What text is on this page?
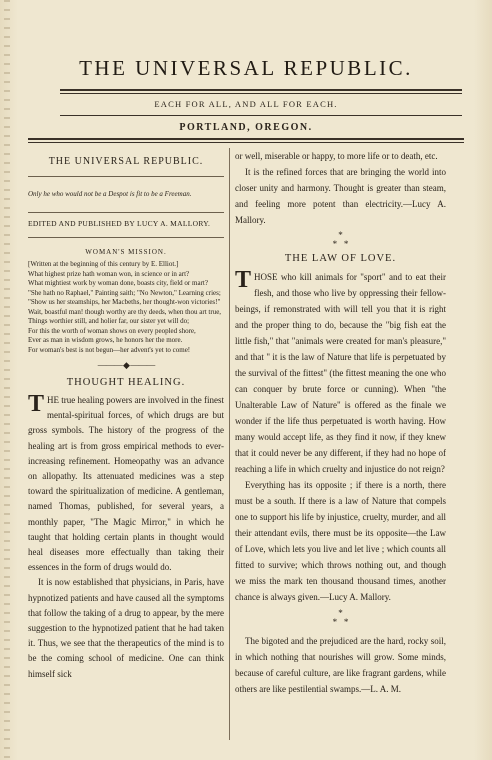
THE UNIVERSAL REPUBLIC.
EACH FOR ALL, AND ALL FOR EACH.
PORTLAND, OREGON.
THE UNIVERSAL REPUBLIC.
Only he who would not be a Despot is fit to be a Freeman.
EDITED AND PUBLISHED BY LUCY A. MALLORY.
WOMAN'S MISSION.
[Written at the beginning of this century by E. Elliot.]
What highest prize hath woman won, in science or in art?
What mightiest work by woman done, boasts city, field or mart?
"She hath no Raphael," Painting saith; "No Newton," Learning cries;
"Show us her steamships, her Macbeths, her thought-won victories!"
Wait, boastful man! though worthy are thy deeds, when thou art true,
Things worthier still, and holier far, our sister yet will do;
For this the worth of woman shows on every peopled shore,
Ever as man in wisdom grows, he honors her the more.
For woman's best is not begun—her advent's yet to come!
——— ◆ ———
THOUGHT HEALING.

THE true healing powers are involved in the finest mental-spiritual forces, of which drugs are but gross symbols. The history of the progress of the healing art is from gross empirical methods to ever-increasing refinement. Homeopathy was an advance on allopathy. Its attenuated medicines was a step toward the spiritualization of medicine. A gentleman, named Thomas, published, for several years, a monthly paper, "The Magic Mirror," in which he taught that holding certain plants in thought would heal diseases more effectually than taking their essences in the form of drugs would do.

It is now established that physicians, in Paris, have hypnotized patients and have caused all the symptoms that follow the taking of a drug to appear, by the mere suggestion to the hypnotized patient that he had taken it. Thus, we see that the therapeutics of the mind is to be the coming school of medicine. One can think himself sick

or well, miserable or happy, to more life or to death, etc.

It is the refined forces that are bringing the world into closer unity and harmony. Thought is greater than steam, and feeling more potent than electricity.—Lucy A. Mallory.

*
*   *
THE LAW OF LOVE.

THOSE who kill animals for "sport" and to eat their flesh, and those who live by oppressing their fellow-beings, if remonstrated with will tell you that it is right and the proper thing to do, because the "big fish eat the little fish," that "animals were created for man's pleasure," and that " it is the law of Nature that life is perpetuated by the survival of the fittest" (the fittest meaning the one who can conquer by brute force or cunning). When "the Unalterable Law of Nature" is offered as the finale we wonder if the life thus perpetuated is worth having. How many would accept life, as they find it now, if they knew that it could never be any different, if they had no hope of reaching a life in which cruelty and injustice do not reign?

Everything has its opposite ; if there is a north, there must be a south. If there is a law of Nature that compels one to support his life by injustice, cruelty, murder, and all their attendant evils, there must be its opposite—the Law of Love, which lets you live and let live ; which counts all fitted to survive; which throws nothing out, and though we miss the mark ten thousand thousand times, another chance is always given.—Lucy A. Mallory.

*
*   *

The bigoted and the prejudiced are the hard, rocky soil, in which nothing that nourishes will grow. Some minds, because of careful culture, are like fragrant gardens, while others are like pestilential swamps.—L. A. M.
